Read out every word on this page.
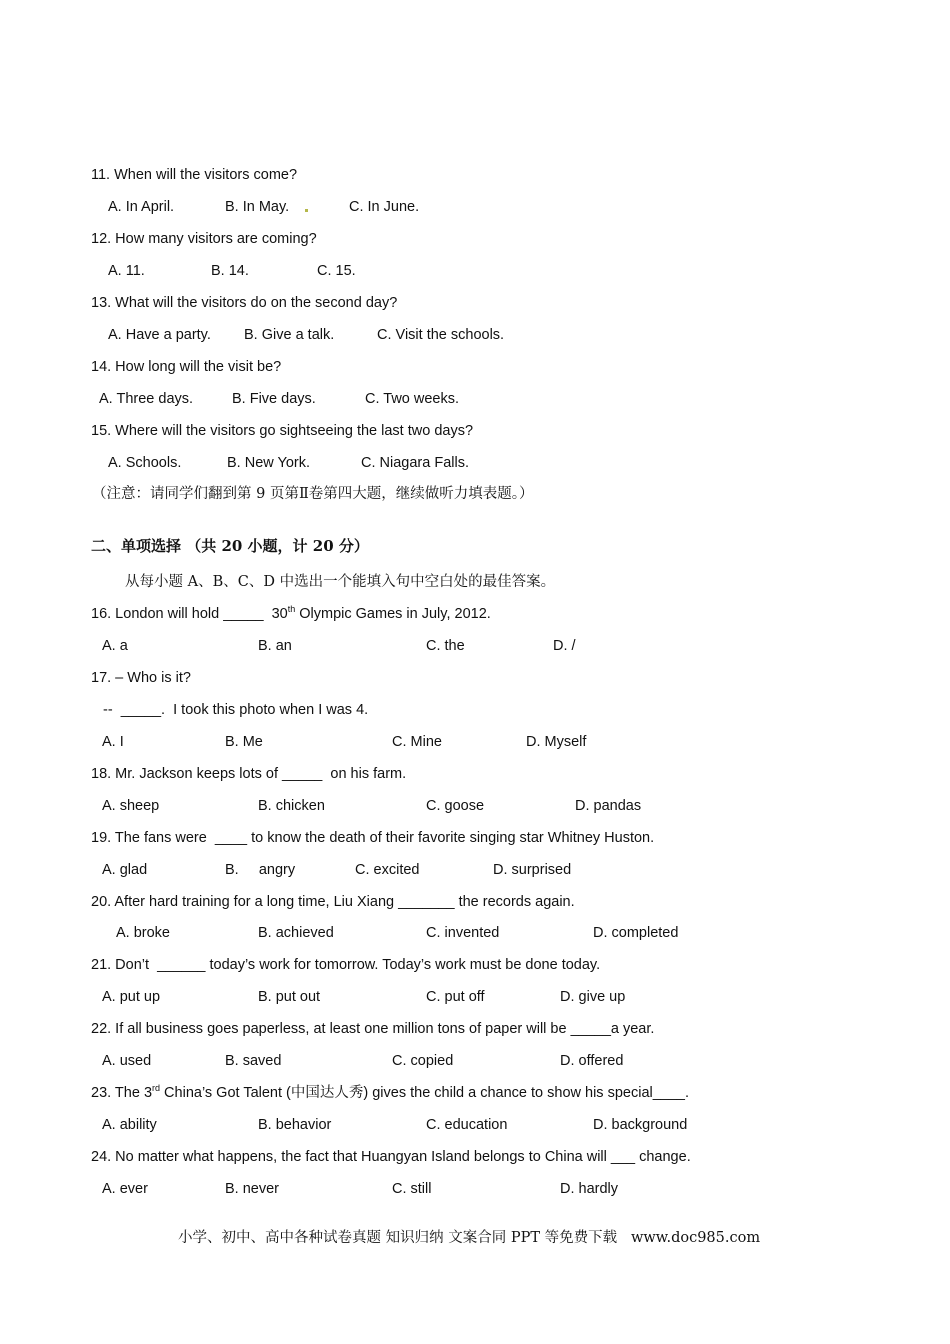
11. When will the visitors come?
A. In April.	B. In May.	C. In June.
12. How many visitors are coming?
A. 11.	B. 14.	C. 15.
13. What will the visitors do on the second day?
A. Have a party. B. Give a talk.	C. Visit the schools.
14. How long will the visit be?
A. Three days.	B. Five days.	C. Two weeks.
15. Where will the visitors go sightseeing the last two days?
A. Schools.	B. New York.	C. Niagara Falls.
（注意：请同学们翻到第 9 页第Ⅱ卷第四大题，继续做听力填表题。）
二、单项选择 （共 20 小题，计 20 分）
从每小题 A、B、C、D 中选出一个能填入句中空白处的最佳答案。
16. London will hold _____  30th Olympic Games in July, 2012.
A. a	B. an	C. the	D. /
17. – Who is it?
--  _____.  I took this photo when I was 4.
A. I	B. Me	C. Mine	D. Myself
18. Mr. Jackson keeps lots of _____  on his farm.
A. sheep	B. chicken	C. goose	D. pandas
19. The fans were  ____ to know the death of their favorite singing star Whitney Huston.
A. glad	B.     angry	C. excited	D. surprised
20. After hard training for a long time, Liu Xiang _______ the records again.
A. broke	B. achieved	C. invented	D. completed
21. Don’t  ______ today’s work for tomorrow. Today’s work must be done today.
A. put up	B. put out	C. put off	D. give up
22. If all business goes paperless, at least one million tons of paper will be _____a year.
A. used	B. saved	C. copied	D. offered
23. The 3rd China’s Got Talent (中国达人秀) gives the child a chance to show his special____.
A. ability	B. behavior	C. education	D. background
24. No matter what happens, the fact that Huangyan Island belongs to China will ___ change.
A. ever	B. never	C. still	D. hardly
小学、初中、高中各种试卷真题 知识归纳 文案合同 PPT 等免费下载   www.doc985.com
